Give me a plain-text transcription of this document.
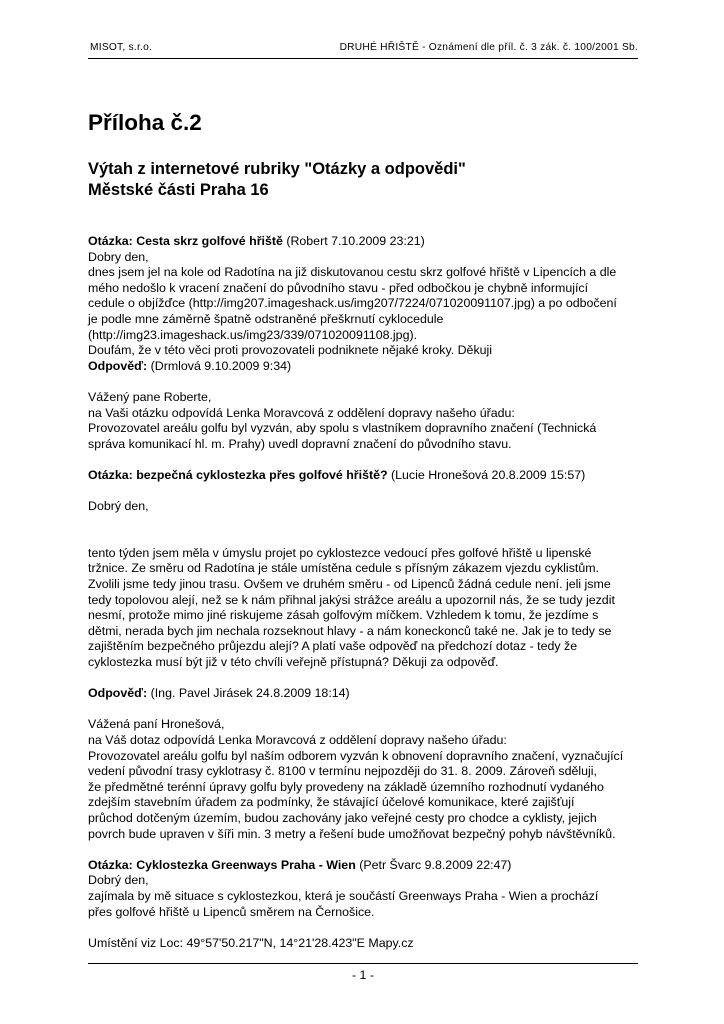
MISOT, s.r.o.	DRUHÉ HŘIŠTĚ - Oznámení dle příl. č. 3 zák. č. 100/2001 Sb.
Příloha č.2
Výtah z internetové rubriky "Otázky a odpovědi"
Městské části Praha 16
Otázka: Cesta skrz golfové hřiště (Robert 7.10.2009 23:21)
Dobry den,
dnes jsem jel na kole od Radotína na již diskutovanou cestu skrz golfové hřiště v Lipencích a dle
mého nedošlo k vracení značení do původního stavu - před odbočkou je chybně informující
cedule o objížďce (http://img207.imageshack.us/img207/7224/071020091107.jpg) a po odbočení
je podle mne záměrně špatně odstraněné přeškrnutí cyklocedule
(http://img23.imageshack.us/img23/339/071020091108.jpg).
Doufám, že v této věci proti provozovateli podniknete nějaké kroky. Děkuji
Odpověď: (Drmlová 9.10.2009 9:34)
Vážený pane Roberte,
na Vaši otázku odpovídá Lenka Moravcová z oddělení dopravy našeho úřadu:
Provozovatel areálu golfu byl vyzván, aby spolu s vlastníkem dopravního značení (Technická
správa komunikací hl. m. Prahy) uvedl dopravní značení do původního stavu.
Otázka: bezpečná cyklostezka přes golfové hřiště? (Lucie Hronešová 20.8.2009 15:57)
Dobrý den,
tento týden jsem měla v úmyslu projet po cyklostezce vedoucí přes golfové hřiště u lipenské
tržnice. Ze směru od Radotína je stále umístěna cedule s přísným zákazem vjezdu cyklistům.
Zvolili jsme tedy jinou trasu. Ovšem ve druhém směru - od Lipenců žádná cedule není. jeli jsme
tedy topolovou alejí, než se k nám přihnal jakýsi strážce areálu a upozornil nás, že se tudy jezdit
nesmí, protože mimo jiné riskujeme zásah golfovým míčkem. Vzhledem k tomu, že jezdíme s
dětmi, nerada bych jim nechala rozseknout hlavy - a nám koneckonců také ne. Jak je to tedy se
zajištěním bezpečného průjezdu alejí? A platí vaše odpověď na předchozí dotaz - tedy že
cyklostezka musí být již v této chvíli veřejně přístupná? Děkuji za odpověď.
Odpověď: (Ing. Pavel Jirásek 24.8.2009 18:14)
Vážená paní Hronešová,
na Váš dotaz odpovídá Lenka Moravcová z oddělení dopravy našeho úřadu:
Provozovatel areálu golfu byl naším odborem vyzván k obnovení dopravního značení, vyznačující
vedení původní trasy cyklotrasy č. 8100 v termínu nejpozději do 31. 8. 2009. Zároveň sděluji,
že předmětné terénní úpravy golfu byly provedeny na základě územního rozhodnutí vydaného
zdejším stavebním úřadem za podmínky, že stávající účelové komunikace, které zajišťují
průchod dotčeným územím, budou zachovány jako veřejné cesty pro chodce a cyklisty, jejich
povrch bude upraven v šíři min. 3 metry a řešení bude umožňovat bezpečný pohyb návštěvníků.
Otázka: Cyklostezka Greenways Praha - Wien (Petr Švarc 9.8.2009 22:47)
Dobrý den,
zajímala by mě situace s cyklostezkou, která je součástí Greenways Praha - Wien a prochází
přes golfové hřiště u Lipenců směrem na Černošice.
Umístění viz Loc: 49°57'50.217"N, 14°21'28.423"E Mapy.cz
- 1 -
